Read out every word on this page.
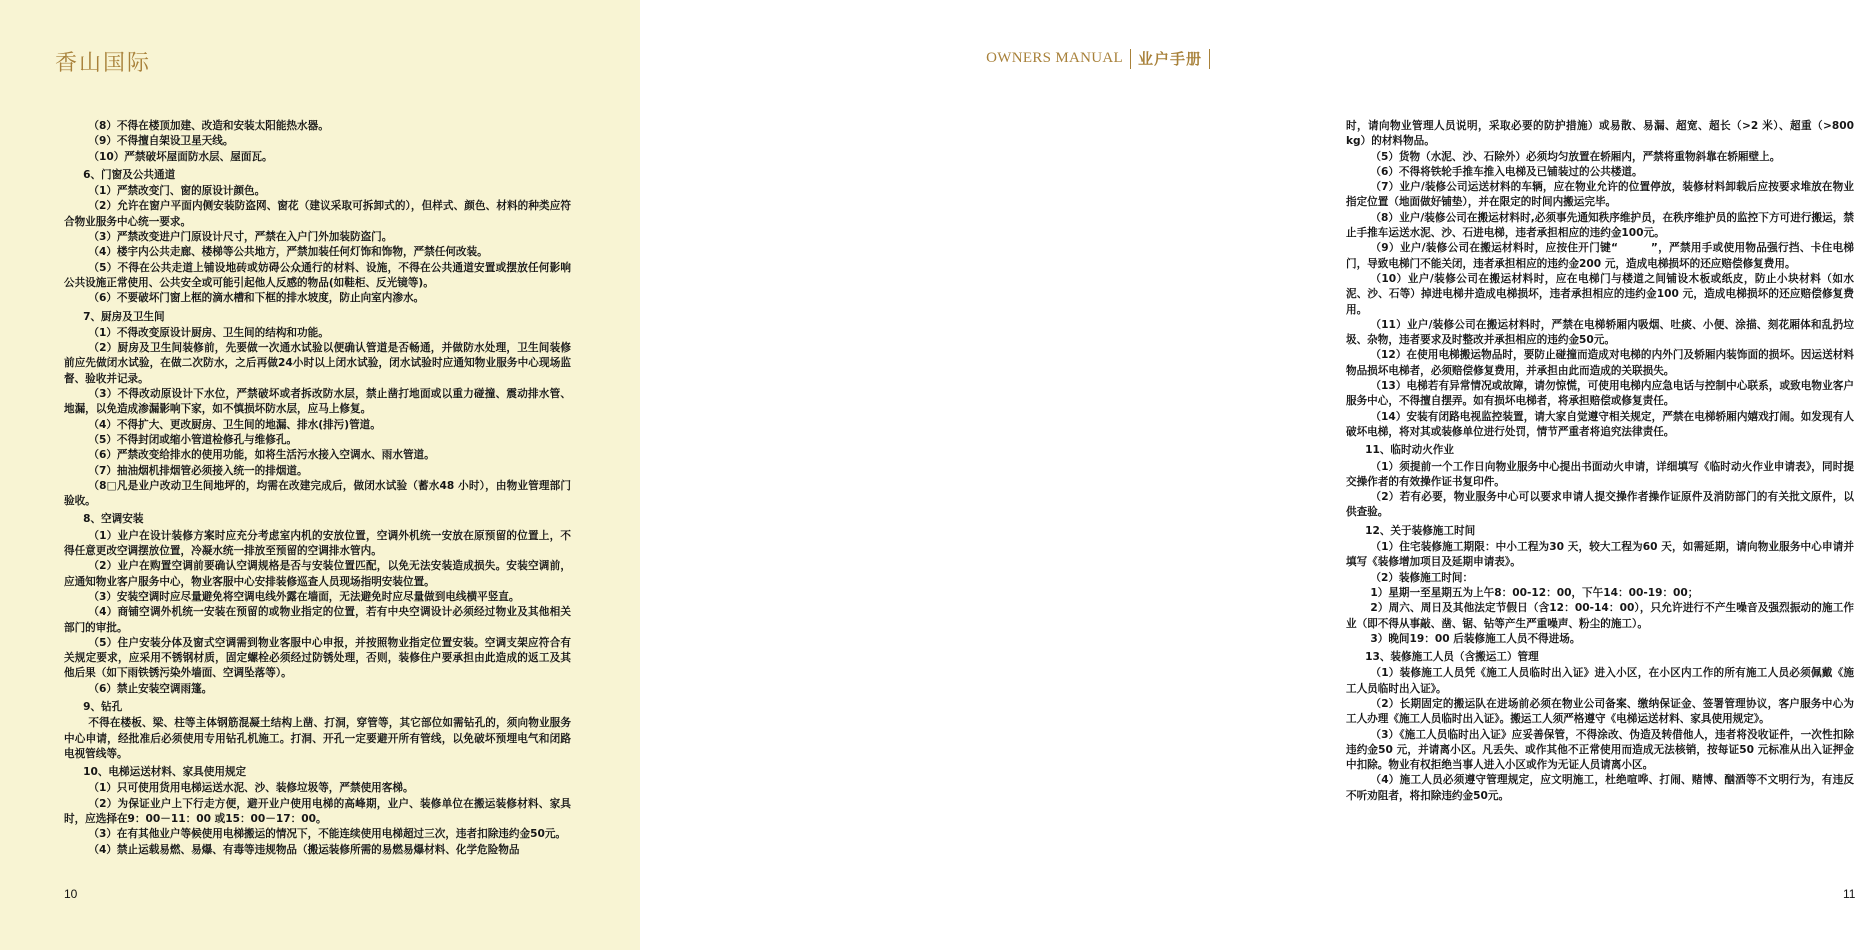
香山国际

（8）不得在楼顶加建、改造和安装太阳能热水器。

（9）不得擅自架设卫星天线。

（10）严禁破坏屋面防水层、屋面瓦。

6、门窗及公共通道

（1）严禁改变门、窗的原设计颜色。

（2）允许在窗户平面内侧安装防盗网、窗花（建议采取可拆卸式的），但样式、颜色、材料的种类应符合物业服务中心统一要求。

（3）严禁改变进户门原设计尺寸，严禁在入户门外加装防盗门。

（4）楼宇内公共走廊、楼梯等公共地方，严禁加装任何灯饰和饰物，严禁任何改装。

（5）不得在公共走道上铺设地砖或妨碍公众通行的材料、设施，不得在公共通道安置或摆放任何影响公共设施正常使用、公共安全或可能引起他人反感的物品(如鞋柜、反光镜等)。

（6）不要破坏门窗上框的滴水槽和下框的排水坡度，防止向室内渗水。

7、厨房及卫生间

（1）不得改变原设计厨房、卫生间的结构和功能。

（2）厨房及卫生间装修前，先要做一次通水试验以便确认管道是否畅通，并做防水处理，卫生间装修前应先做闭水试验，在做二次防水，之后再做24小时以上闭水试验，闭水试验时应通知物业服务中心现场监督、验收并记录。

（3）不得改动原设计下水位，严禁破坏或者拆改防水层，禁止凿打地面或以重力碰撞、震动排水管、地漏，以免造成渗漏影响下家，如不慎损坏防水层，应马上修复。

（4）不得扩大、更改厨房、卫生间的地漏、排水(排污)管道。

（5）不得封闭或缩小管道检修孔与维修孔。

（6）严禁改变给排水的使用功能，如将生活污水接入空调水、雨水管道。

（7）抽油烟机排烟管必须接入统一的排烟道。

（8□凡是业户改动卫生间地坪的，均需在改建完成后，做闭水试验（蓄水48 小时），由物业管理部门验收。

8、空调安装

（1）业户在设计装修方案时应充分考虑室内机的安放位置，空调外机统一安放在原预留的位置上，不得任意更改空调摆放位置，冷凝水统一排放至预留的空调排水管内。

（2）业户在购置空调前要确认空调规格是否与安装位置匹配，以免无法安装造成损失。安装空调前，应通知物业客户服务中心，物业客服中心安排装修巡查人员现场指明安装位置。

（3）安装空调时应尽量避免将空调电线外露在墙面，无法避免时应尽量做到电线横平竖直。

（4）商铺空调外机统一安装在预留的或物业指定的位置，若有中央空调设计必须经过物业及其他相关部门的审批。

（5）住户安装分体及窗式空调需到物业客服中心申报，并按照物业指定位置安装。空调支架应符合有关规定要求，应采用不锈钢材质，固定螺栓必须经过防锈处理，否则，装修住户要承担由此造成的返工及其他后果（如下雨铁锈污染外墙面、空调坠落等）。

（6）禁止安装空调雨篷。

9、钻孔

不得在楼板、梁、柱等主体钢筋混凝土结构上凿、打洞，穿管等，其它部位如需钻孔的，须向物业服务中心申请，经批准后必须使用专用钻孔机施工。打洞、开孔一定要避开所有管线，以免破坏预埋电气和闭路电视管线等。

10、电梯运送材料、家具使用规定

（1）只可使用货用电梯运送水泥、沙、装修垃圾等，严禁使用客梯。

（2）为保证业户上下行走方便，避开业户使用电梯的高峰期，业户、装修单位在搬运装修材料、家具时，应选择在9：00－11：00 或15：00－17：00。

（3）在有其他业户等候使用电梯搬运的情况下，不能连续使用电梯超过三次，违者扣除违约金50元。

（4）禁止运载易燃、易爆、有毒等违规物品（搬运装修所需的易燃易爆材料、化学危险物品

10
OWNERS MANUAL 业户手册

时，请向物业管理人员说明，采取必要的防护措施）或易散、易漏、超宽、超长（>2 米）、超重（>800 kg）的材料物品。

（5）货物（水泥、沙、石除外）必须均匀放置在轿厢内，严禁将重物斜靠在轿厢壁上。

（6）不得将铁轮手推车推入电梯及已铺装过的公共楼道。

（7）业户/装修公司运送材料的车辆，应在物业允许的位置停放，装修材料卸载后应按要求堆放在物业指定位置（地面做好铺垫），并在限定的时间内搬运完毕。

（8）业户/装修公司在搬运材料时,必须事先通知秩序维护员，在秩序维护员的监控下方可进行搬运，禁止手推车运送水泥、沙、石进电梯，违者承担相应的违约金100元。

（9）业户/装修公司在搬运材料时，应按住开门键“　　　”，严禁用手或使用物品强行挡、卡住电梯门，导致电梯门不能关闭，违者承担相应的违约金200 元，造成电梯损坏的还应赔偿修复费用。

（10）业户/装修公司在搬运材料时，应在电梯门与楼道之间铺设木板或纸皮，防止小块材料（如水泥、沙、石等）掉进电梯井造成电梯损坏，违者承担相应的违约金100 元，造成电梯损坏的还应赔偿修复费用。

（11）业户/装修公司在搬运材料时，严禁在电梯轿厢内吸烟、吐痰、小便、涂描、刻花厢体和乱扔垃圾、杂物，违者要求及时整改并承担相应的违约金50元。

（12）在使用电梯搬运物品时，要防止碰撞而造成对电梯的内外门及轿厢内装饰面的损坏。因运送材料物品损坏电梯者，必须赔偿修复费用，并承担由此而造成的关联损失。

（13）电梯若有异常情况或故障，请勿惊慌，可使用电梯内应急电话与控制中心联系，或致电物业客户服务中心，不得擅自摆弄。如有损坏电梯者，将承担赔偿或修复责任。

（14）安装有闭路电视监控装置，请大家自觉遵守相关规定，严禁在电梯轿厢内嬉戏打闹。如发现有人破坏电梯，将对其或装修单位进行处罚，情节严重者将追究法律责任。

11、临时动火作业

（1）须提前一个工作日向物业服务中心提出书面动火申请，详细填写《临时动火作业申请表》，同时提交操作者的有效操作证书复印件。

（2）若有必要，物业服务中心可以要求申请人提交操作者操作证原件及消防部门的有关批文原件，以供查验。

12、关于装修施工时间

（1）住宅装修施工期限：中小工程为30 天，较大工程为60 天，如需延期，请向物业服务中心申请并填写《装修增加项目及延期申请表》。

（2）装修施工时间：

1）星期一至星期五为上午8：00-12：00，下午14：00-19：00；

2）周六、周日及其他法定节假日（含12：00-14：00），只允许进行不产生噪音及强烈振动的施工作业（即不得从事敲、凿、锯、钻等产生严重噪声、粉尘的施工）。

3）晚间19：00 后装修施工人员不得进场。

13、装修施工人员（含搬运工）管理

（1）装修施工人员凭《施工人员临时出入证》进入小区，在小区内工作的所有施工人员必须佩戴《施工人员临时出入证》。

（2）长期固定的搬运队在进场前必须在物业公司备案、缴纳保证金、签署管理协议，客户服务中心为工人办理《施工人员临时出入证》。搬运工人须严格遵守《电梯运送材料、家具使用规定》。

（3）《施工人员临时出入证》应妥善保管，不得涂改、伪造及转借他人，违者将没收证件，一次性扣除违约金50 元，并请离小区。凡丢失、或作其他不正常使用而造成无法核销，按每证50 元标准从出入证押金中扣除。物业有权拒绝当事人进入小区或作为无证人员请离小区。

（4）施工人员必须遵守管理规定，应文明施工，杜绝喧哗、打闹、赌博、酗酒等不文明行为，有违反不听劝阻者，将扣除违约金50元。

11
